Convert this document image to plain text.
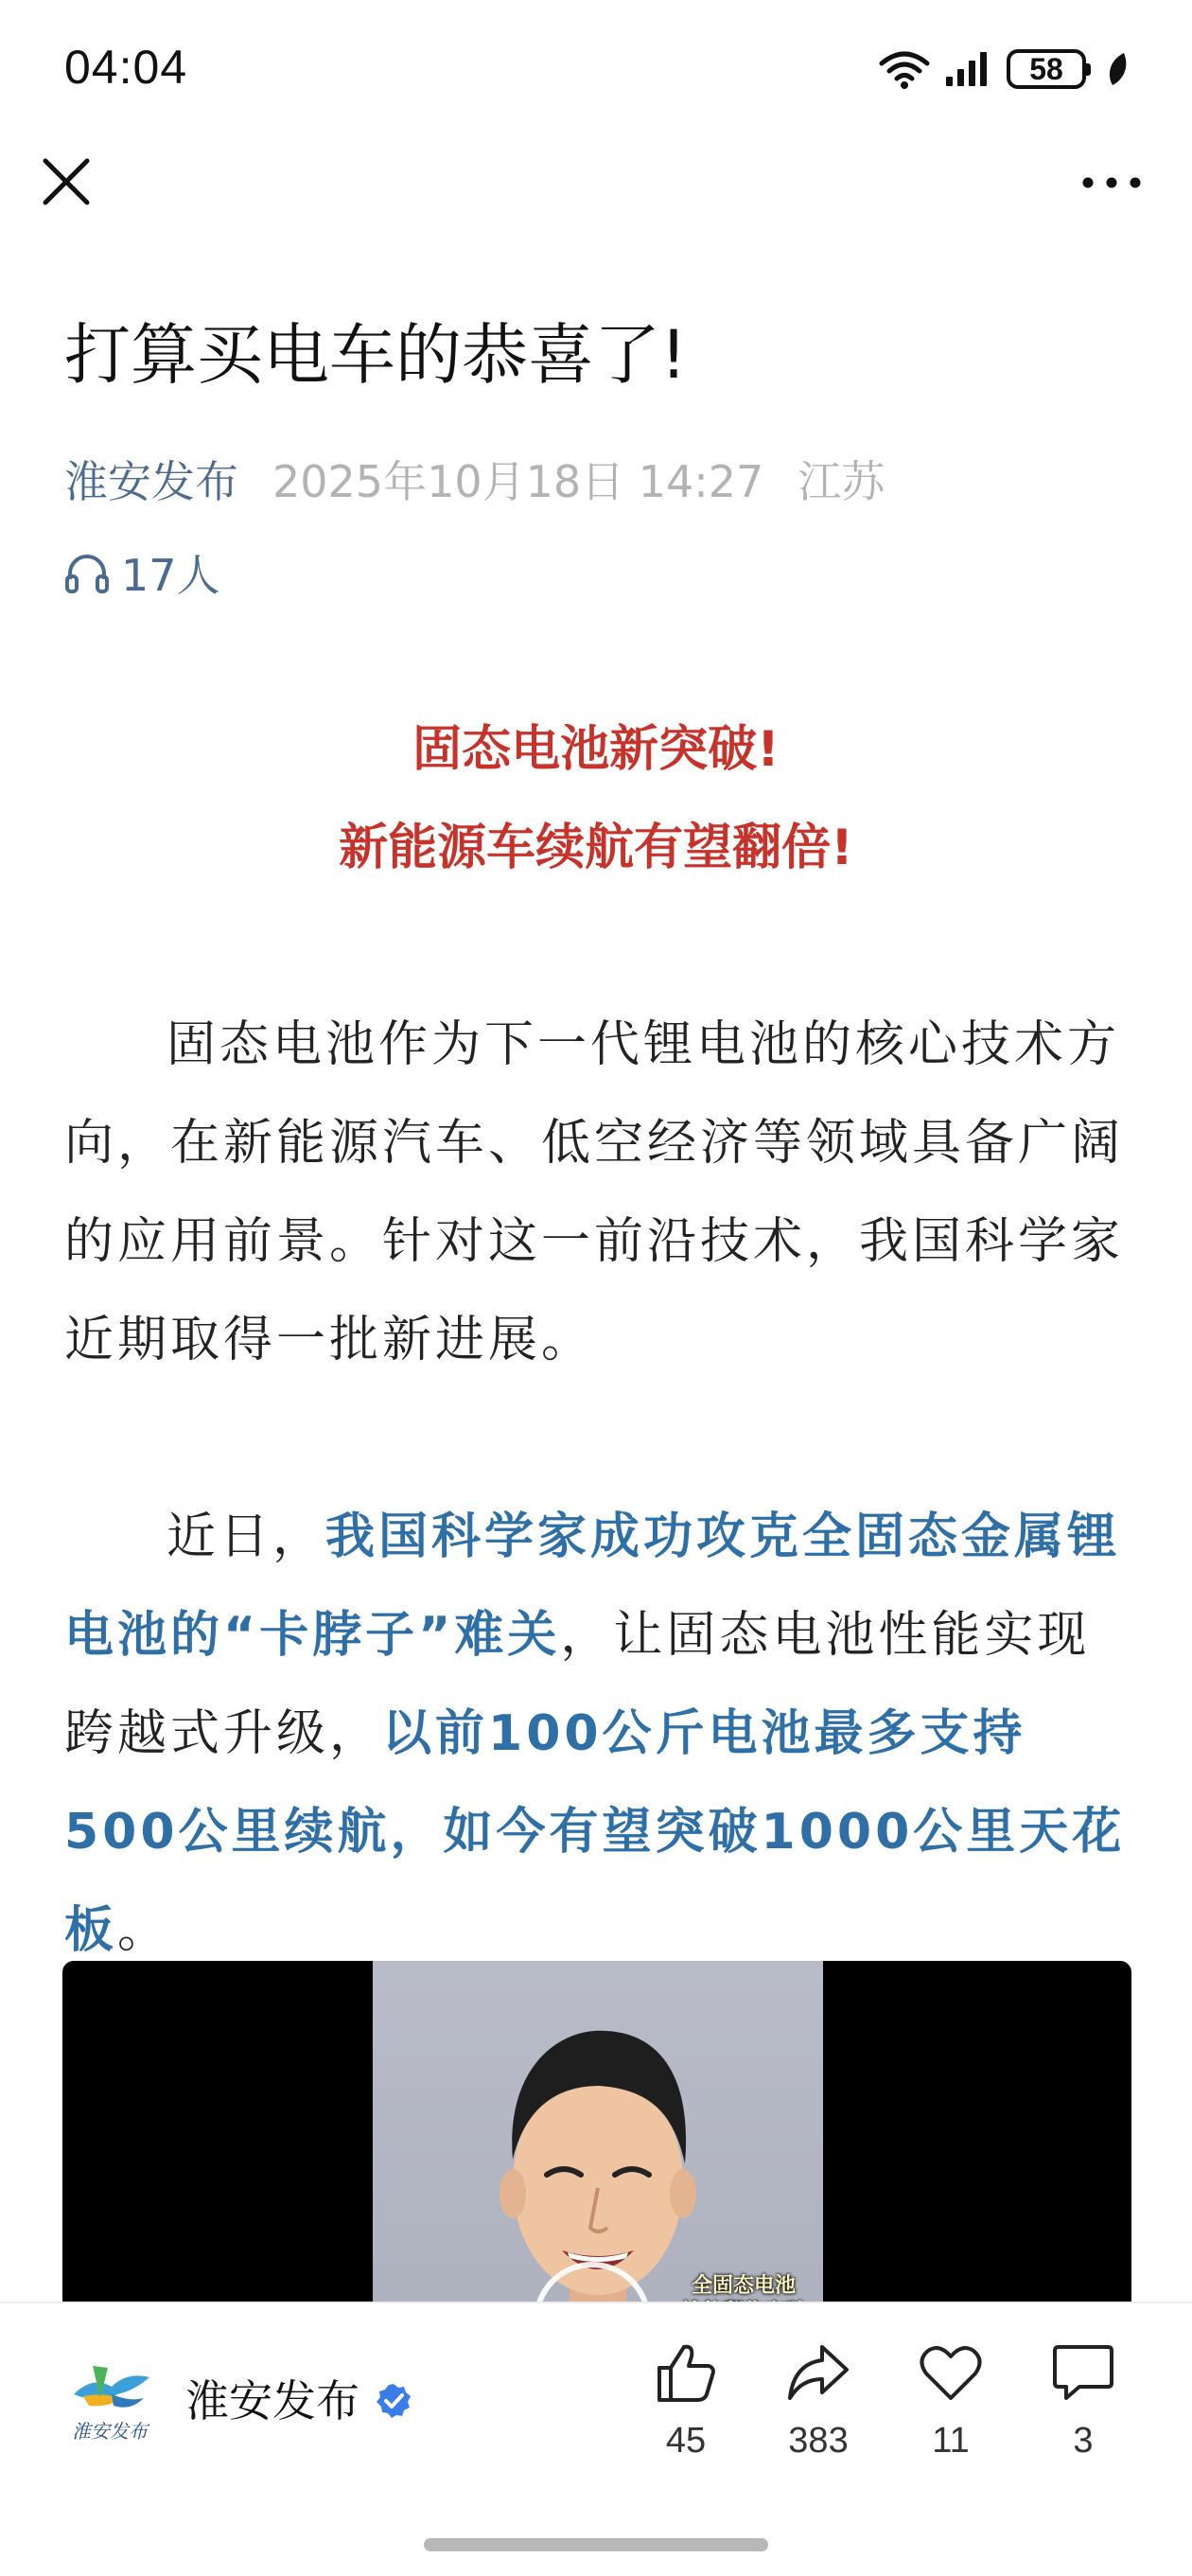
04:04	58
打算买电车的恭喜了!
淮安发布 2025年10月18日 14:27 江苏
17人

固态电池新突破!

新能源车续航有望翻倍!

固态电池作为下一代锂电池的核心技术方向，在新能源汽车、低空经济等领域具备广阔的应用前景。针对这一前沿技术，我国科学家近期取得一批新进展。

近日，我国科学家成功攻克全固态金属锂电池的“卡脖子”难关，让固态电池性能实现跨越式升级，以前100公斤电池最多支持500公里续航，如今有望突破1000公里天花板。

全固态电池
淮安发布
淮安发布
45 383 11	3
